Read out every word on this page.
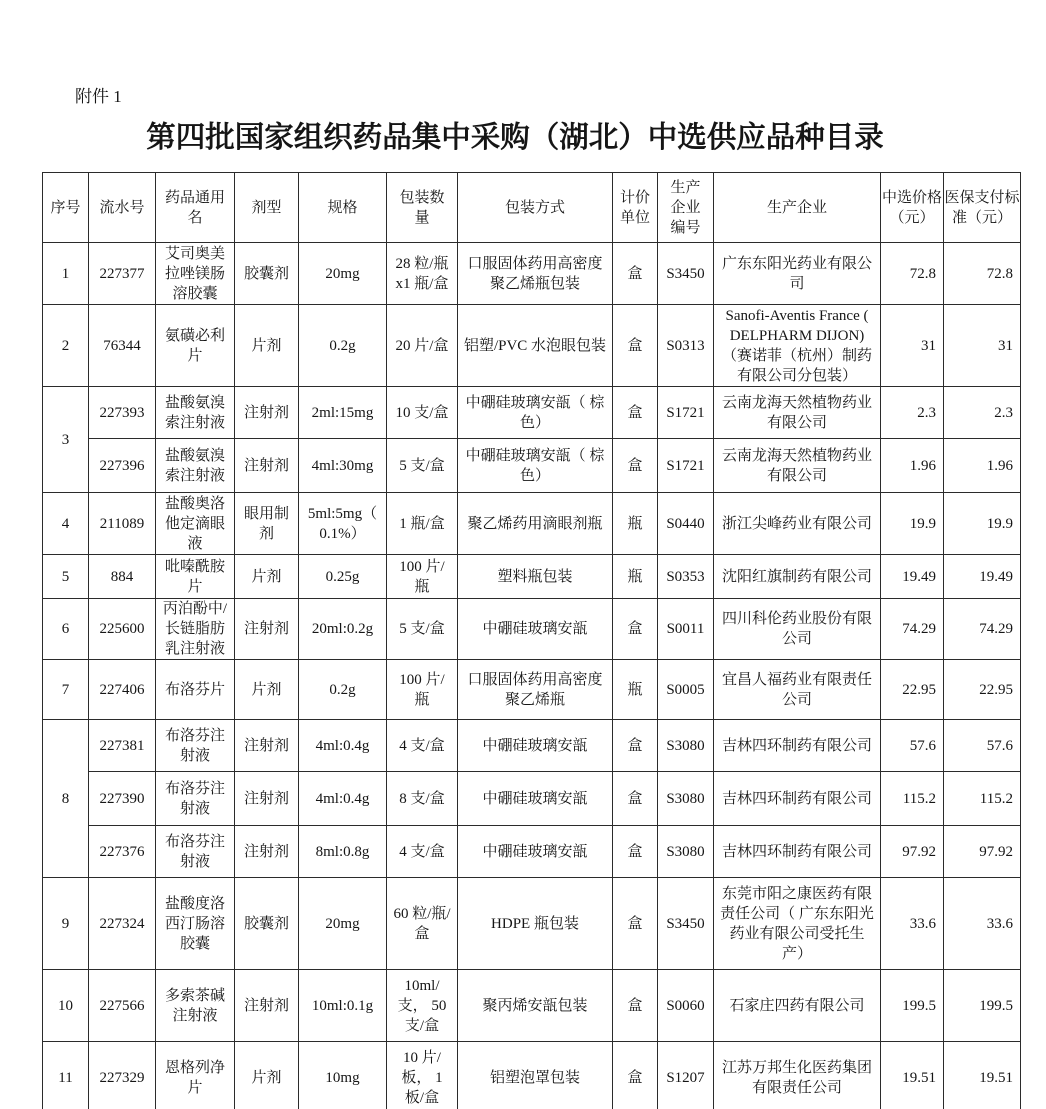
附件 1
第四批国家组织药品集中采购（湖北）中选供应品种目录
序号	流水号	药品通用名	剂型	规格	包装数量	包装方式	计价单位	生产企业编号	生产企业	中选价格（元）	医保支付标准（元）
1	227377	艾司奥美拉唑镁肠溶胶囊	胶囊剂	20mg	28 粒/瓶 x1 瓶/盒	口服固体药用高密度聚乙烯瓶包装	盒	S3450	广东东阳光药业有限公司	72.8	72.8
2	76344	氨磺必利片	片剂	0.2g	20 片/盒	铝塑/PVC 水泡眼包装	盒	S0313	Sanofi-Aventis France ( DELPHARM DIJON)（赛诺菲（杭州）制药有限公司分包装）	31	31
3	227393	盐酸氨溴索注射液	注射剂	2ml:15mg	10 支/盒	中硼硅玻璃安瓿（ 棕色）	盒	S1721	云南龙海天然植物药业有限公司	2.3	2.3
	227396	盐酸氨溴索注射液	注射剂	4ml:30mg	5 支/盒	中硼硅玻璃安瓿（ 棕色）	盒	S1721	云南龙海天然植物药业有限公司	1.96	1.96
4	211089	盐酸奥洛他定滴眼液	眼用制剂	5ml:5mg（ 0.1%）	1 瓶/盒	聚乙烯药用滴眼剂瓶	瓶	S0440	浙江尖峰药业有限公司	19.9	19.9
5	884	吡嗪酰胺片	片剂	0.25g	100 片/瓶	塑料瓶包装	瓶	S0353	沈阳红旗制药有限公司	19.49	19.49
6	225600	丙泊酚中/长链脂肪乳注射液	注射剂	20ml:0.2g	5 支/盒	中硼硅玻璃安瓿	盒	S0011	四川科伦药业股份有限公司	74.29	74.29
7	227406	布洛芬片	片剂	0.2g	100 片/瓶	口服固体药用高密度聚乙烯瓶	瓶	S0005	宜昌人福药业有限责任公司	22.95	22.95
8	227381	布洛芬注射液	注射剂	4ml:0.4g	4 支/盒	中硼硅玻璃安瓿	盒	S3080	吉林四环制药有限公司	57.6	57.6
	227390	布洛芬注射液	注射剂	4ml:0.4g	8 支/盒	中硼硅玻璃安瓿	盒	S3080	吉林四环制药有限公司	115.2	115.2
	227376	布洛芬注射液	注射剂	8ml:0.8g	4 支/盒	中硼硅玻璃安瓿	盒	S3080	吉林四环制药有限公司	97.92	97.92
9	227324	盐酸度洛西汀肠溶胶囊	胶囊剂	20mg	60 粒/瓶/盒	HDPE 瓶包装	盒	S3450	东莞市阳之康医药有限责任公司（ 广东东阳光药业有限公司受托生产）	33.6	33.6
10	227566	多索茶碱注射液	注射剂	10ml:0.1g	10ml/支， 50 支/盒	聚丙烯安瓿包装	盒	S0060	石家庄四药有限公司	199.5	199.5
11	227329	恩格列净片	片剂	10mg	10 片/板， 1 板/盒	铝塑泡罩包装	盒	S1207	江苏万邦生化医药集团有限责任公司	19.51	19.51
